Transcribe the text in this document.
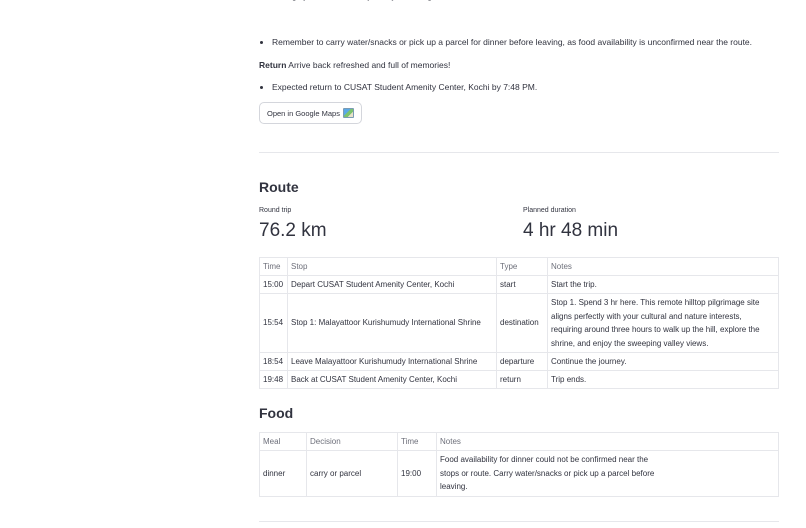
Remember to carry water/snacks or pick up a parcel for dinner before leaving, as food availability is unconfirmed near the route.
Return Arrive back refreshed and full of memories!
Expected return to CUSAT Student Amenity Center, Kochi by 7:48 PM.
Open in Google Maps
Route
Round trip
76.2 km
Planned duration
4 hr 48 min
Time	Stop	Type	Notes
15:00	Depart CUSAT Student Amenity Center, Kochi	start	Start the trip.
15:54	Stop 1: Malayattoor Kurishumudy International Shrine	destination	Stop 1. Spend 3 hr here. This remote hilltop pilgrimage site aligns perfectly with your cultural and nature interests, requiring around three hours to walk up the hill, explore the shrine, and enjoy the sweeping valley views.
18:54	Leave Malayattoor Kurishumudy International Shrine	departure	Continue the journey.
19:48	Back at CUSAT Student Amenity Center, Kochi	return	Trip ends.
Food
Meal	Decision	Time	Notes
dinner	carry or parcel	19:00	Food availability for dinner could not be confirmed near the stops or route. Carry water/snacks or pick up a parcel before leaving.
